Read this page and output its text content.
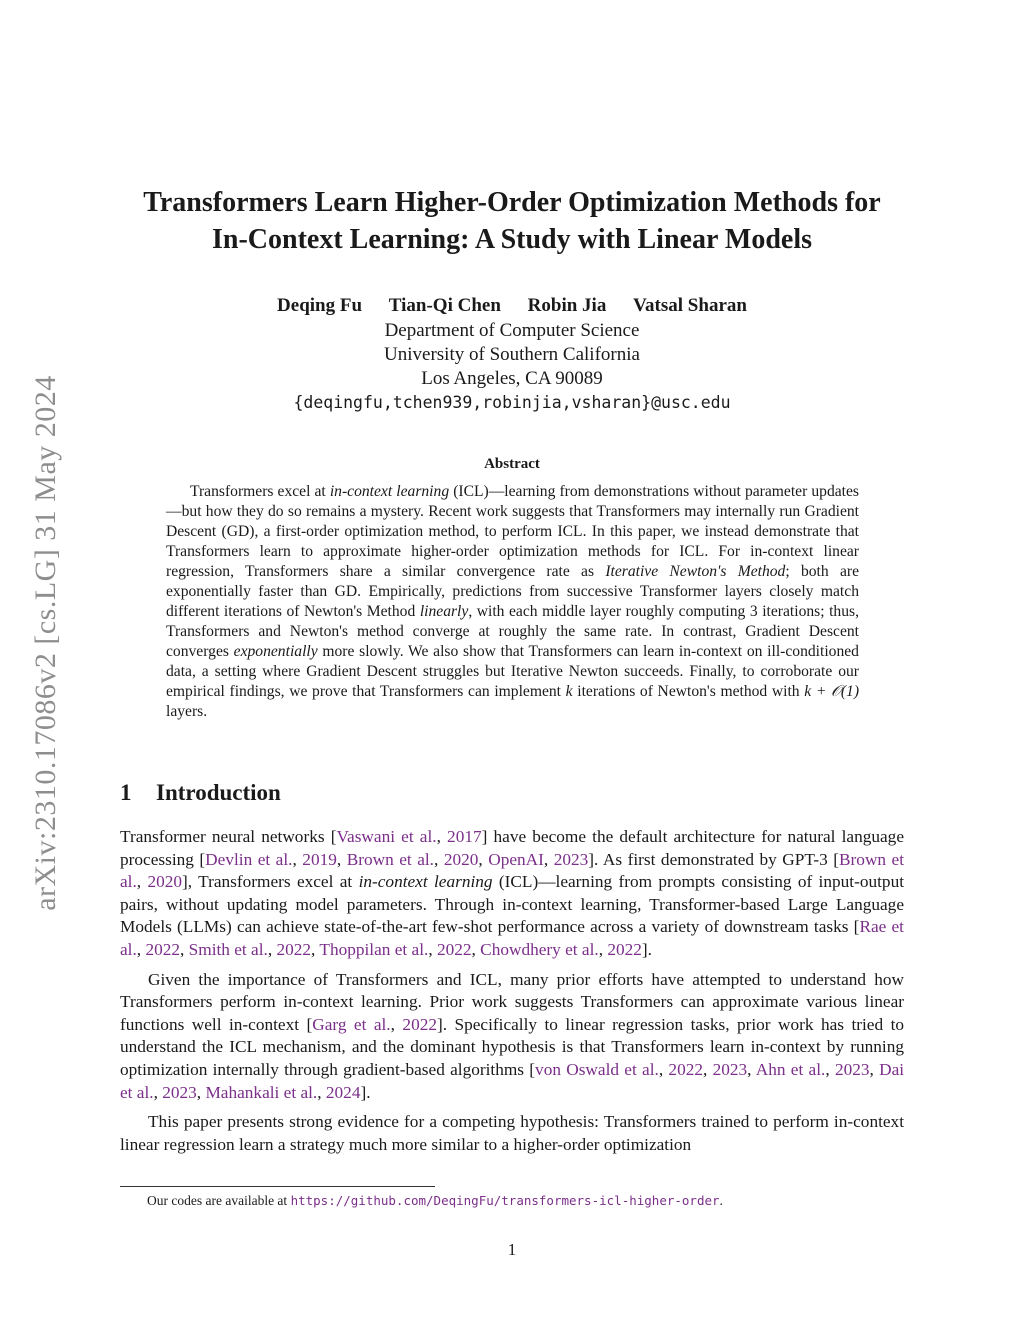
arXiv:2310.17086v2 [cs.LG] 31 May 2024
Transformers Learn Higher-Order Optimization Methods for
In-Context Learning: A Study with Linear Models
Deqing Fu Tian-Qi Chen Robin Jia Vatsal Sharan
Department of Computer Science
University of Southern California
Los Angeles, CA 90089
{deqingfu,tchen939,robinjia,vsharan}@usc.edu
Abstract
Transformers excel at in-context learning (ICL)—learning from demonstrations without parameter updates—but how they do so remains a mystery. Recent work suggests that Transformers may internally run Gradient Descent (GD), a first-order optimization method, to perform ICL. In this paper, we instead demonstrate that Transformers learn to approximate higher-order optimization methods for ICL. For in-context linear regression, Transformers share a similar convergence rate as Iterative Newton's Method; both are exponentially faster than GD. Empirically, predictions from successive Transformer layers closely match different iterations of Newton's Method linearly, with each middle layer roughly computing 3 iterations; thus, Transformers and Newton's method converge at roughly the same rate. In contrast, Gradient Descent converges exponentially more slowly. We also show that Transformers can learn in-context on ill-conditioned data, a setting where Gradient Descent struggles but Iterative Newton succeeds. Finally, to corroborate our empirical findings, we prove that Transformers can implement k iterations of Newton's method with k + 𝒪(1) layers.
1 Introduction

Transformer neural networks [Vaswani et al., 2017] have become the default architecture for natural language processing [Devlin et al., 2019, Brown et al., 2020, OpenAI, 2023]. As first demonstrated by GPT-3 [Brown et al., 2020], Transformers excel at in-context learning (ICL)—learning from prompts consisting of input-output pairs, without updating model parameters. Through in-context learning, Transformer-based Large Language Models (LLMs) can achieve state-of-the-art few-shot performance across a variety of downstream tasks [Rae et al., 2022, Smith et al., 2022, Thoppilan et al., 2022, Chowdhery et al., 2022].

Given the importance of Transformers and ICL, many prior efforts have attempted to understand how Transformers perform in-context learning. Prior work suggests Transformers can approximate various linear functions well in-context [Garg et al., 2022]. Specifically to linear regression tasks, prior work has tried to understand the ICL mechanism, and the dominant hypothesis is that Transformers learn in-context by running optimization internally through gradient-based algorithms [von Oswald et al., 2022, 2023, Ahn et al., 2023, Dai et al., 2023, Mahankali et al., 2024].

This paper presents strong evidence for a competing hypothesis: Transformers trained to perform in-context linear regression learn a strategy much more similar to a higher-order optimization

Our codes are available at https://github.com/DeqingFu/transformers-icl-higher-order.
1
